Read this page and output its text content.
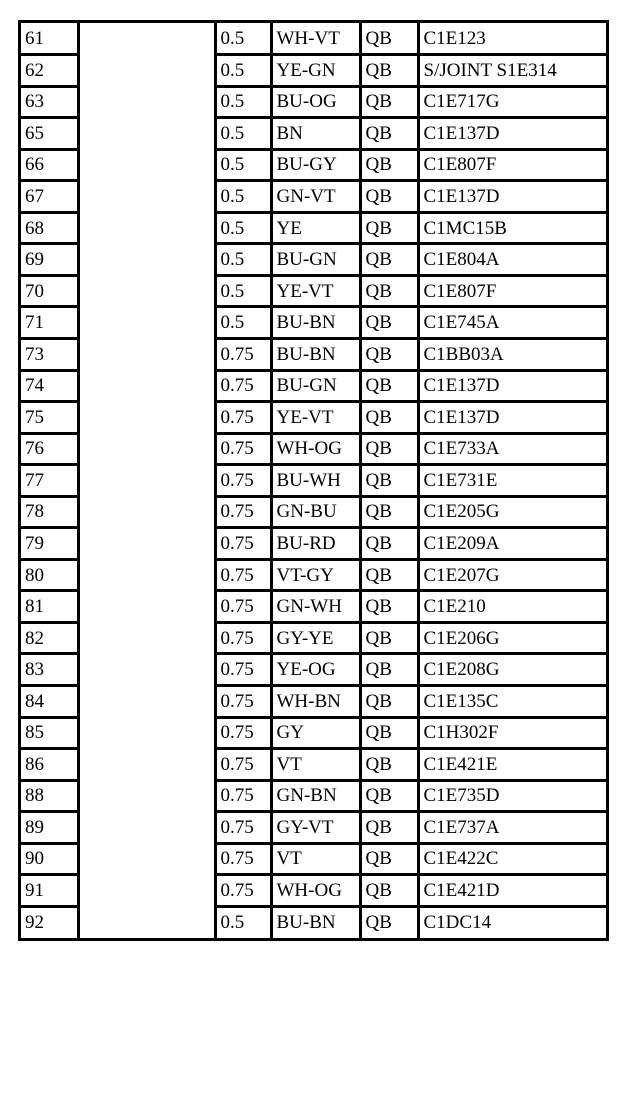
61		0.5	WH-VT	QB	C1E123
62		0.5	YE-GN	QB	S/JOINT S1E314
63		0.5	BU-OG	QB	C1E717G
65		0.5	BN	QB	C1E137D
66		0.5	BU-GY	QB	C1E807F
67		0.5	GN-VT	QB	C1E137D
68		0.5	YE	QB	C1MC15B
69		0.5	BU-GN	QB	C1E804A
70		0.5	YE-VT	QB	C1E807F
71		0.5	BU-BN	QB	C1E745A
73		0.75	BU-BN	QB	C1BB03A
74		0.75	BU-GN	QB	C1E137D
75		0.75	YE-VT	QB	C1E137D
76		0.75	WH-OG	QB	C1E733A
77		0.75	BU-WH	QB	C1E731E
78		0.75	GN-BU	QB	C1E205G
79		0.75	BU-RD	QB	C1E209A
80		0.75	VT-GY	QB	C1E207G
81		0.75	GN-WH	QB	C1E210
82		0.75	GY-YE	QB	C1E206G
83		0.75	YE-OG	QB	C1E208G
84		0.75	WH-BN	QB	C1E135C
85		0.75	GY	QB	C1H302F
86		0.75	VT	QB	C1E421E
88		0.75	GN-BN	QB	C1E735D
89		0.75	GY-VT	QB	C1E737A
90		0.75	VT	QB	C1E422C
91		0.75	WH-OG	QB	C1E421D
92		0.5	BU-BN	QB	C1DC14
